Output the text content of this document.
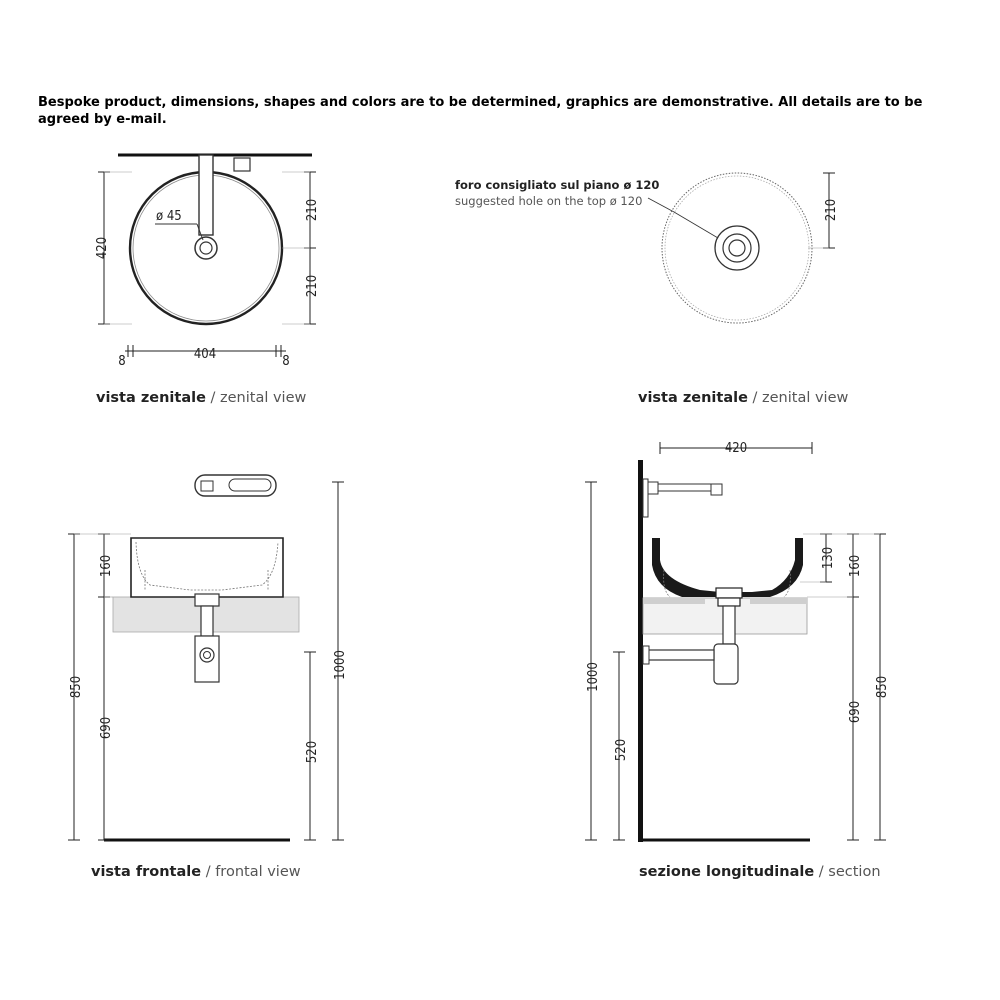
Bespoke product, dimensions, shapes and colors are to be determined, graphics are demonstrative. All details are to be agreed by e-mail.
ø 45
420
210
210
8	404	8
vista zenitale / zenital view
foro consigliato sul piano ø 120
suggested hole on the top ø 120	210
vista zenitale / zenital view
850
160
690
520
1000
vista frontale / frontal view
420
130 160
690
850
1000
520
sezione longitudinale / section
